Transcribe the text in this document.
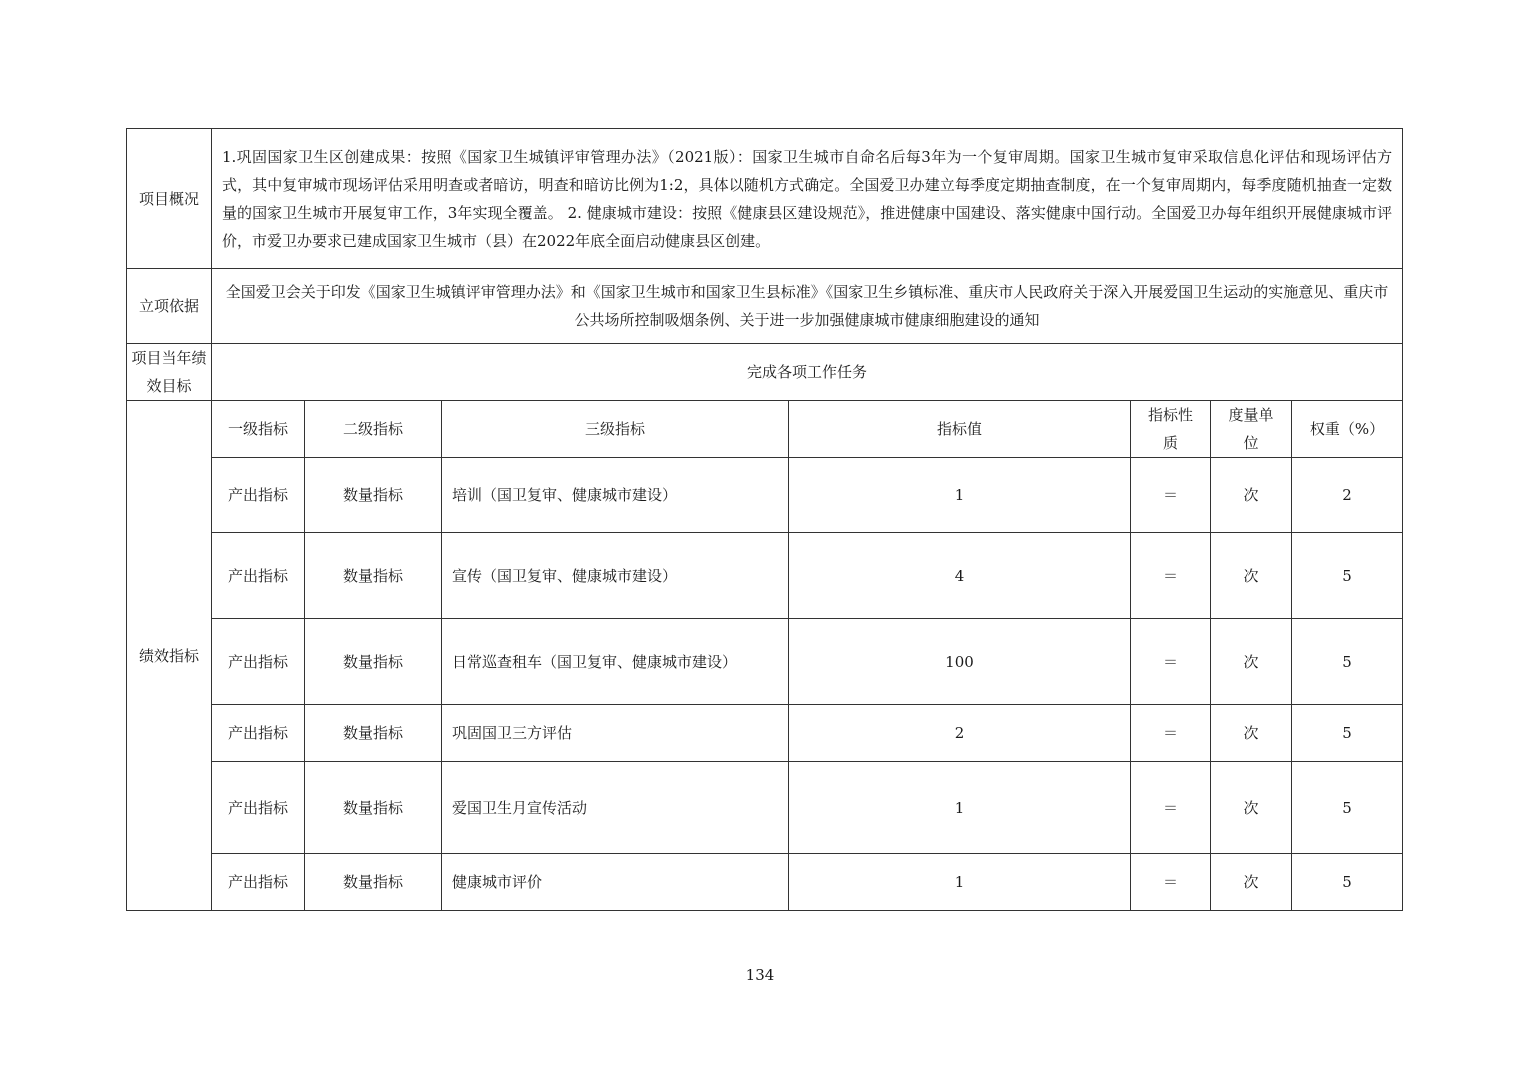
项目概况	1.巩固国家卫生区创建成果：按照《国家卫生城镇评审管理办法》（2021版）：国家卫生城市自命名后每3年为一个复审周期。国家卫生城市复审采取信息化评估和现场评估方式，其中复审城市现场评估采用明查或者暗访，明查和暗访比例为1:2，具体以随机方式确定。全国爱卫办建立每季度定期抽查制度，在一个复审周期内，每季度随机抽查一定数量的国家卫生城市开展复审工作，3年实现全覆盖。 2. 健康城市建设：按照《健康县区建设规范》，推进健康中国建设、落实健康中国行动。全国爱卫办每年组织开展健康城市评价，市爱卫办要求已建成国家卫生城市（县）在2022年底全面启动健康县区创建。						
立项依据	全国爱卫会关于印发《国家卫生城镇评审管理办法》和《国家卫生城市和国家卫生县标准》《国家卫生乡镇标准、重庆市人民政府关于深入开展爱国卫生运动的实施意见、重庆市公共场所控制吸烟条例、关于进一步加强健康城市健康细胞建设的通知						
项目当年绩效目标	完成各项工作任务						
绩效指标	一级指标	二级指标	三级指标	指标值	指标性质	度量单位	权重（%）
	产出指标	数量指标	培训（国卫复审、健康城市建设）	1	＝	次	2
	产出指标	数量指标	宣传（国卫复审、健康城市建设）	4	＝	次	5
	产出指标	数量指标	日常巡查租车（国卫复审、健康城市建设）	100	＝	次	5
	产出指标	数量指标	巩固国卫三方评估	2	＝	次	5
	产出指标	数量指标	爱国卫生月宣传活动	1	＝	次	5
	产出指标	数量指标	健康城市评价	1	＝	次	5
134
